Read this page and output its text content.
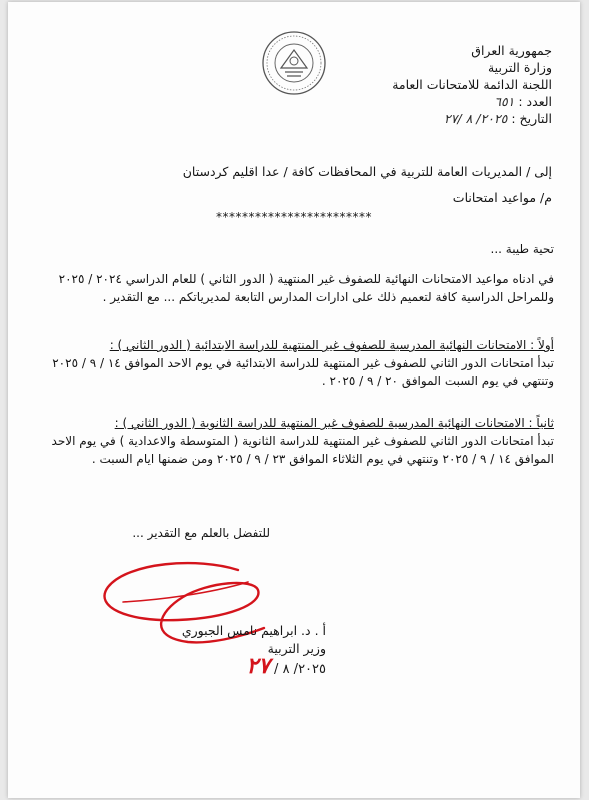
جمهورية العراق
وزارة التربية
اللجنة الدائمة للامتحانات العامة
العدد : ٦٥١
التاريخ : ٢٠٢٥/ ٨ /٢٧
إلى / المديريات العامة للتربية في المحافظات كافة / عدا اقليم كردستان
م/ مواعيد امتحانات
************************
تحية طيبة ...
في ادناه مواعيد الامتحانات النهائية للصفوف غير المنتهية ( الدور الثاني ) للعام الدراسي ٢٠٢٤ / ٢٠٢٥ وللمراحل الدراسية كافة لتعميم ذلك على ادارات المدارس التابعة لمديرياتكم ... مع التقدير .
أولاً : الامتحانات النهائية المدرسية للصفوف غير المنتهية للدراسة الابتدائية ( الدور الثاني ) :
تبدأ امتحانات الدور الثاني للصفوف غير المنتهية للدراسة الابتدائية في يوم الاحد الموافق ١٤ / ٩ / ٢٠٢٥ وتنتهي في يوم السبت الموافق ٢٠ / ٩ / ٢٠٢٥ .
ثانياً : الامتحانات النهائية المدرسية للصفوف غير المنتهية للدراسة الثانوية ( الدور الثاني ) :
تبدأ امتحانات الدور الثاني للصفوف غير المنتهية للدراسة الثانوية ( المتوسطة والاعدادية ) في يوم الاحد الموافق ١٤ / ٩ / ٢٠٢٥ وتنتهي في يوم الثلاثاء الموافق ٢٣ / ٩ / ٢٠٢٥ ومن ضمنها ايام السبت .
للتفضل بالعلم مع التقدير ...
أ . د. ابراهيم نامس الجبوري
وزير التربية
٢٠٢٥/ ٨ / ٢٧
